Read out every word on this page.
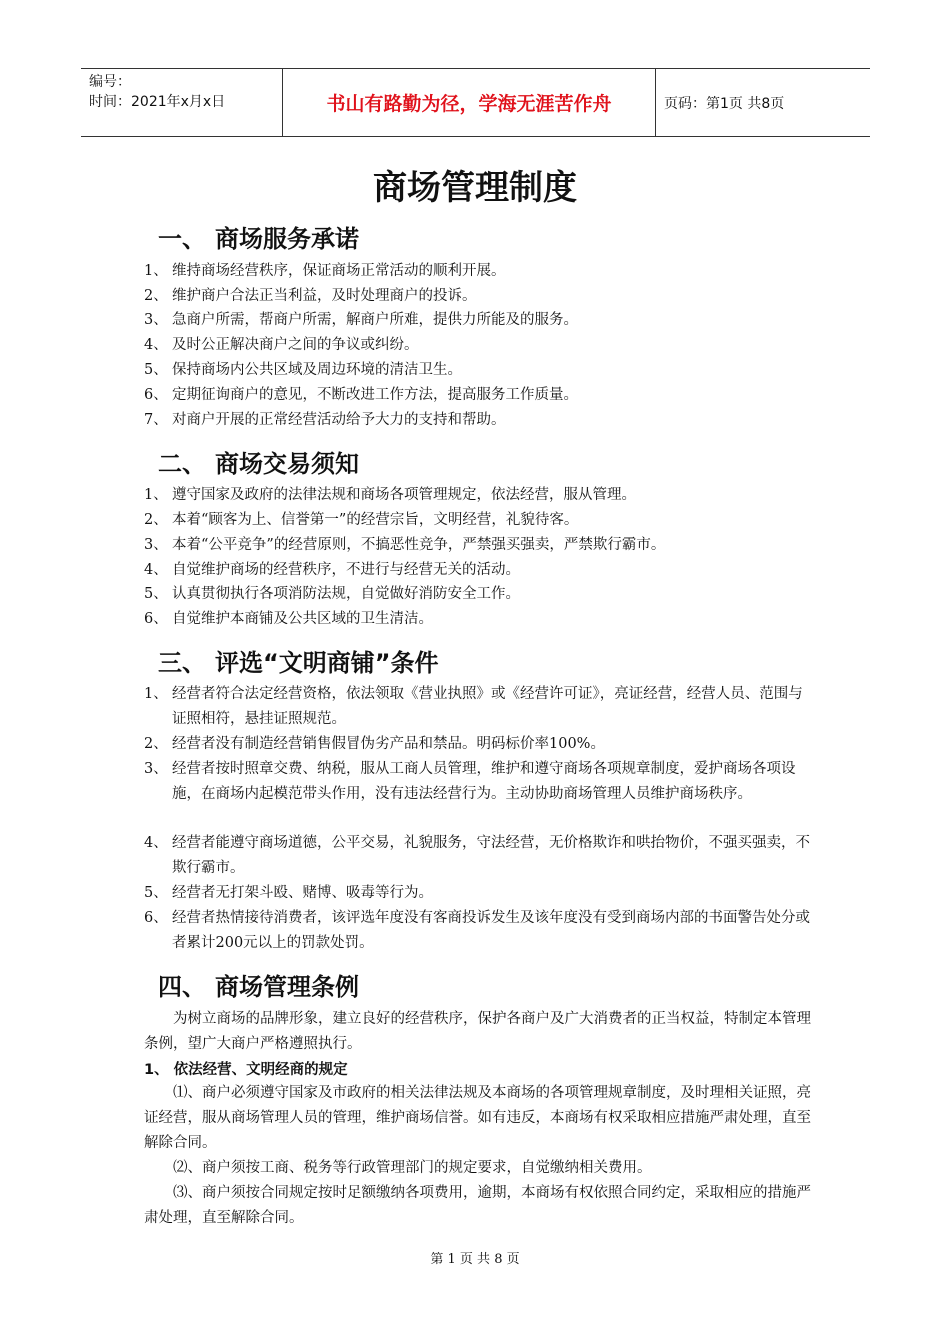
编号：
时间：2021年x月x日	书山有路勤为径，学海无涯苦作舟	页码：第1页 共8页
商场管理制度
一、 商场服务承诺
1、 维持商场经营秩序，保证商场正常活动的顺利开展。
2、 维护商户合法正当利益，及时处理商户的投诉。
3、 急商户所需，帮商户所需，解商户所难，提供力所能及的服务。
4、 及时公正解决商户之间的争议或纠纷。
5、 保持商场内公共区域及周边环境的清洁卫生。
6、 定期征询商户的意见，不断改进工作方法，提高服务工作质量。
7、 对商户开展的正常经营活动给予大力的支持和帮助。
二、 商场交易须知
1、 遵守国家及政府的法律法规和商场各项管理规定，依法经营，服从管理。
2、 本着“顾客为上、信誉第一”的经营宗旨，文明经营，礼貌待客。
3、 本着“公平竞争”的经营原则，不搞恶性竞争，严禁强买强卖，严禁欺行霸市。
4、 自觉维护商场的经营秩序，不进行与经营无关的活动。
5、 认真贯彻执行各项消防法规，自觉做好消防安全工作。
6、 自觉维护本商铺及公共区域的卫生清洁。
三、 评选“文明商铺”条件
1、 经营者符合法定经营资格，依法领取《营业执照》或《经营许可证》，亮证经营，经营人员、范围与证照相符，悬挂证照规范。
2、 经营者没有制造经营销售假冒伪劣产品和禁品。明码标价率100%。
3、 经营者按时照章交费、纳税，服从工商人员管理，维护和遵守商场各项规章制度，爱护商场各项设施，在商场内起模范带头作用，没有违法经营行为。主动协助商场管理人员维护商场秩序。
4、 经营者能遵守商场道德，公平交易，礼貌服务，守法经营，无价格欺诈和哄抬物价，不强买强卖，不欺行霸市。
5、 经营者无打架斗殴、赌博、吸毒等行为。
6、 经营者热情接待消费者，该评选年度没有客商投诉发生及该年度没有受到商场内部的书面警告处分或者累计200元以上的罚款处罚。
四、 商场管理条例
为树立商场的品牌形象，建立良好的经营秩序，保护各商户及广大消费者的正当权益，特制定本管理条例，望广大商户严格遵照执行。
1、 依法经营、文明经商的规定
⑴、商户必须遵守国家及市政府的相关法律法规及本商场的各项管理规章制度，及时理相关证照，亮证经营，服从商场管理人员的管理，维护商场信誉。如有违反，本商场有权采取相应措施严肃处理，直至解除合同。
⑵、商户须按工商、税务等行政管理部门的规定要求，自觉缴纳相关费用。
⑶、商户须按合同规定按时足额缴纳各项费用，逾期，本商场有权依照合同约定，采取相应的措施严肃处理，直至解除合同。
第 1 页 共 8 页
